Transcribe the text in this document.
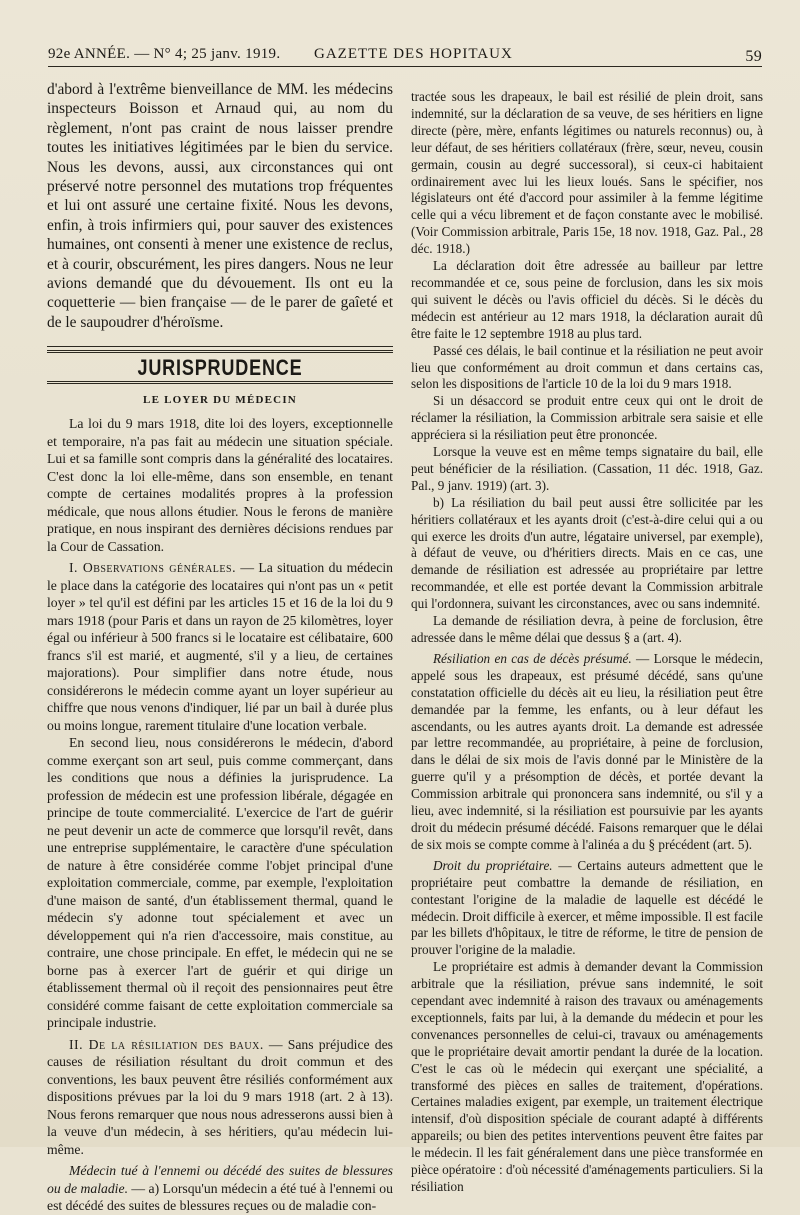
92e ANNÉE. — N° 4; 25 janv. 1919. GAZETTE DES HOPITAUX	59

d'abord à l'extrême bienveillance de MM. les médecins inspecteurs Boisson et Arnaud qui, au nom du règlement, n'ont pas craint de nous laisser prendre toutes les initiatives légitimées par le bien du service. Nous les devons, aussi, aux circonstances qui ont préservé notre personnel des mutations trop fréquentes et lui ont assuré une certaine fixité. Nous les devons, enfin, à trois infirmiers qui, pour sauver des existences humaines, ont consenti à mener une existence de reclus, et à courir, obscurément, les pires dangers. Nous ne leur avions demandé que du dévouement. Ils ont eu la coquetterie — bien française — de le parer de gaîeté et de le saupoudrer d'héroïsme.

JURISPRUDENCE
LE LOYER DU MÉDECIN

La loi du 9 mars 1918, dite loi des loyers, exceptionnelle et temporaire, n'a pas fait au médecin une situation spéciale. Lui et sa famille sont compris dans la généralité des locataires. C'est donc la loi elle-même, dans son ensemble, en tenant compte de certaines modalités propres à la profession médicale, que nous allons étudier. Nous le ferons de manière pratique, en nous inspirant des dernières décisions rendues par la Cour de Cassation.

I. Observations générales. — La situation du médecin le place dans la catégorie des locataires qui n'ont pas un « petit loyer » tel qu'il est défini par les articles 15 et 16 de la loi du 9 mars 1918 (pour Paris et dans un rayon de 25 kilomètres, loyer égal ou inférieur à 500 francs si le locataire est célibataire, 600 francs s'il est marié, et augmenté, s'il y a lieu, de certaines majorations). Pour simplifier dans notre étude, nous considérerons le médecin comme ayant un loyer supérieur au chiffre que nous venons d'indiquer, lié par un bail à durée plus ou moins longue, rarement titulaire d'une location verbale.

En second lieu, nous considérerons le médecin, d'abord comme exerçant son art seul, puis comme commerçant, dans les conditions que nous a définies la jurisprudence. La profession de médecin est une profession libérale, dégagée en principe de toute commercialité. L'exercice de l'art de guérir ne peut devenir un acte de commerce que lorsqu'il revêt, dans une entreprise supplémentaire, le caractère d'une spéculation de nature à être considérée comme l'objet principal d'une exploitation commerciale, comme, par exemple, l'exploitation d'une maison de santé, d'un établissement thermal, quand le médecin s'y adonne tout spécialement et avec un développement qui n'a rien d'accessoire, mais constitue, au contraire, une chose principale. En effet, le médecin qui ne se borne pas à exercer l'art de guérir et qui dirige un établissement thermal où il reçoit des pensionnaires peut être considéré comme faisant de cette exploitation commerciale sa principale industrie.

II. De la résiliation des baux. — Sans préjudice des causes de résiliation résultant du droit commun et des conventions, les baux peuvent être résiliés conformément aux dispositions prévues par la loi du 9 mars 1918 (art. 2 à 13). Nous ferons remarquer que nous nous adresserons aussi bien à la veuve d'un médecin, à ses héritiers, qu'au médecin lui-même.

Médecin tué à l'ennemi ou décédé des suites de blessures ou de maladie. — a) Lorsqu'un médecin a été tué à l'ennemi ou est décédé des suites de blessures reçues ou de maladie con-

tractée sous les drapeaux, le bail est résilié de plein droit, sans indemnité, sur la déclaration de sa veuve, de ses héritiers en ligne directe (père, mère, enfants légitimes ou naturels reconnus) ou, à leur défaut, de ses héritiers collatéraux (frère, sœur, neveu, cousin germain, cousin au degré successoral), si ceux-ci habitaient ordinairement avec lui les lieux loués. Sans le spécifier, nos législateurs ont été d'accord pour assimiler à la femme légitime celle qui a vécu librement et de façon constante avec le mobilisé. (Voir Commission arbitrale, Paris 15e, 18 nov. 1918, Gaz. Pal., 28 déc. 1918.)

La déclaration doit être adressée au bailleur par lettre recommandée et ce, sous peine de forclusion, dans les six mois qui suivent le décès ou l'avis officiel du décès. Si le décès du médecin est antérieur au 12 mars 1918, la déclaration aurait dû être faite le 12 septembre 1918 au plus tard.

Passé ces délais, le bail continue et la résiliation ne peut avoir lieu que conformément au droit commun et dans certains cas, selon les dispositions de l'article 10 de la loi du 9 mars 1918.

Si un désaccord se produit entre ceux qui ont le droit de réclamer la résiliation, la Commission arbitrale sera saisie et elle appréciera si la résiliation peut être prononcée.

Lorsque la veuve est en même temps signataire du bail, elle peut bénéficier de la résiliation. (Cassation, 11 déc. 1918, Gaz. Pal., 9 janv. 1919) (art. 3).

b) La résiliation du bail peut aussi être sollicitée par les héritiers collatéraux et les ayants droit (c'est-à-dire celui qui a ou qui exerce les droits d'un autre, légataire universel, par exemple), à défaut de veuve, ou d'héritiers directs. Mais en ce cas, une demande de résiliation est adressée au propriétaire par lettre recommandée, et elle est portée devant la Commission arbitrale qui l'ordonnera, suivant les circonstances, avec ou sans indemnité.

La demande de résiliation devra, à peine de forclusion, être adressée dans le même délai que dessus § a (art. 4).

Résiliation en cas de décès présumé. — Lorsque le médecin, appelé sous les drapeaux, est présumé décédé, sans qu'une constatation officielle du décès ait eu lieu, la résiliation peut être demandée par la femme, les enfants, ou à leur défaut les ascendants, ou les autres ayants droit. La demande est adressée par lettre recommandée, au propriétaire, à peine de forclusion, dans le délai de six mois de l'avis donné par le Ministère de la guerre qu'il y a présomption de décès, et portée devant la Commission arbitrale qui prononcera sans indemnité, ou s'il y a lieu, avec indemnité, si la résiliation est poursuivie par les ayants droit du médecin présumé décédé. Faisons remarquer que le délai de six mois se compte comme à l'alinéa a du § précédent (art. 5).

Droit du propriétaire. — Certains auteurs admettent que le propriétaire peut combattre la demande de résiliation, en contestant l'origine de la maladie de laquelle est décédé le médecin. Droit difficile à exercer, et même impossible. Il est facile par les billets d'hôpitaux, le titre de réforme, le titre de pension de prouver l'origine de la maladie.

Le propriétaire est admis à demander devant la Commission arbitrale que la résiliation, prévue sans indemnité, le soit cependant avec indemnité à raison des travaux ou aménagements exceptionnels, faits par lui, à la demande du médecin et pour les convenances personnelles de celui-ci, travaux ou aménagements que le propriétaire devait amortir pendant la durée de la location. C'est le cas où le médecin qui exerçant une spécialité, a transformé des pièces en salles de traitement, d'opérations. Certaines maladies exigent, par exemple, un traitement électrique intensif, d'où disposition spéciale de courant adapté à différents appareils; ou bien des petites interventions peuvent être faites par le médecin. Il les fait généralement dans une pièce transformée en pièce opératoire : d'où nécessité d'aménagements particuliers. Si la résiliation
